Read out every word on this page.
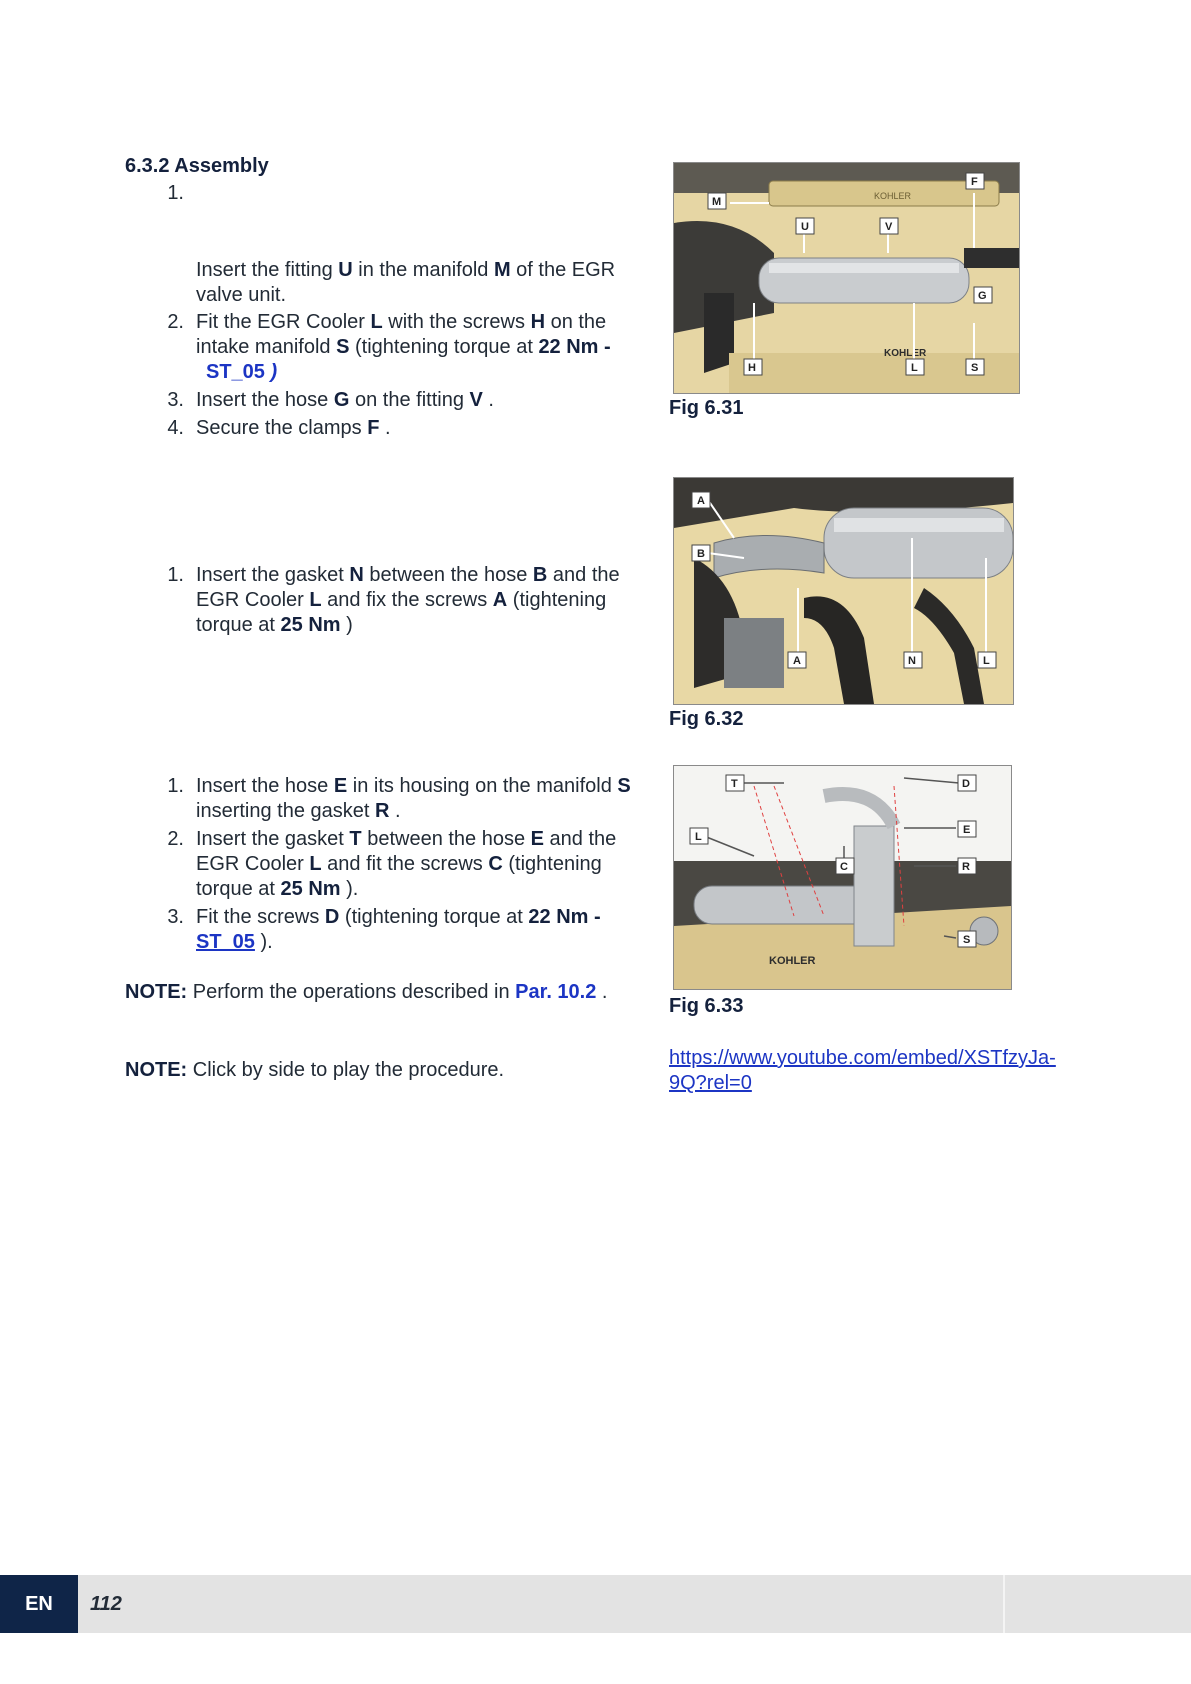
6.3.2 Assembly
1.
Insert the fitting U in the manifold M of the EGR valve unit.
2. Fit the EGR Cooler L with the screws H on the intake manifold S (tightening torque at 22 Nm -
ST_05 )
3. Insert the hose G on the fitting V .
4. Secure the clamps F .
1. Insert the gasket N between the hose B and the EGR Cooler L and fix the screws A (tightening torque at 25 Nm )
1. Insert the hose E in its housing on the manifold S inserting the gasket R .
2. Insert the gasket T between the hose E and the EGR Cooler L and fit the screws C (tightening torque at 25 Nm ).
3. Fit the screws D (tightening torque at 22 Nm -
ST_05 ).
NOTE: Perform the operations described in Par. 10.2 .
NOTE: Click by side to play the procedure.
KOHLER
KOHLER
M
U	V
F
G
H	L	S
Fig 6.31
A
B
A	N	L
Fig 6.32
KOHLER
T	D
L
E
C	R
S
Fig 6.33
https://www.youtube.com/embed/XSTfzyJa-
9Q?rel=0
EN	112
